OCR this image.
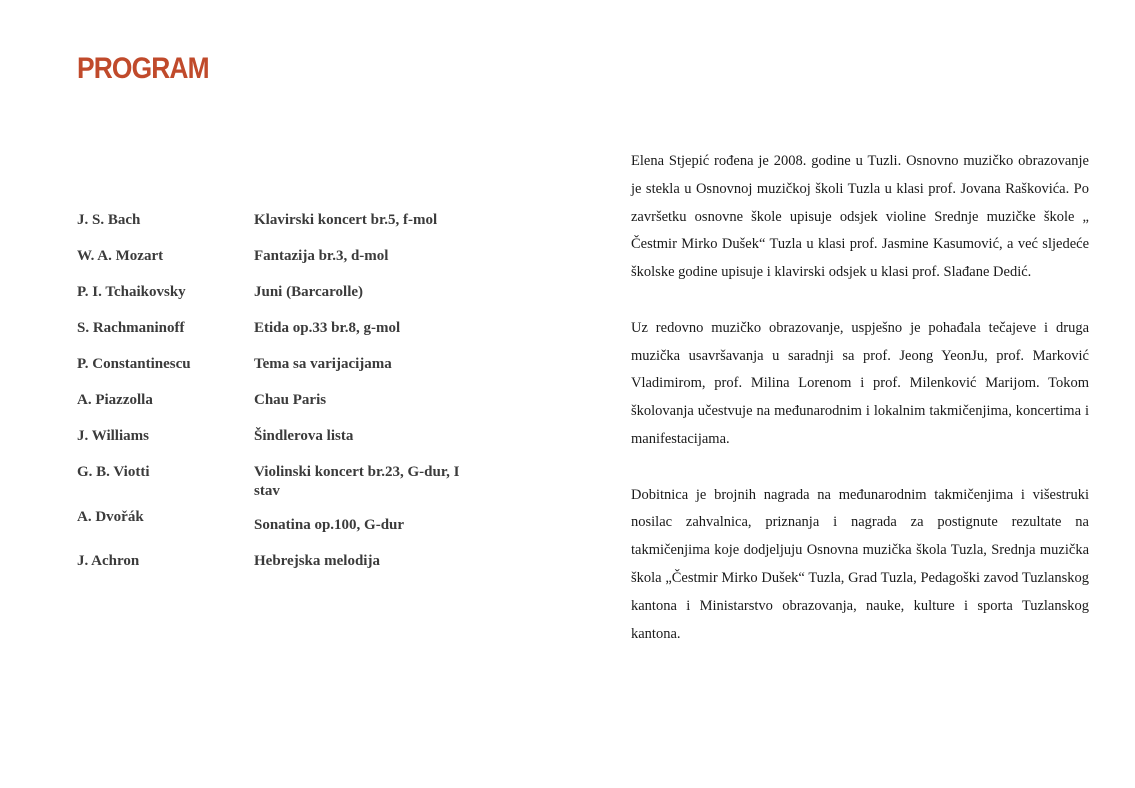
PROGRAM
J. S. Bach	Klavirski koncert br.5, f-mol
W. A. Mozart	Fantazija br.3, d-mol
P. I. Tchaikovsky	Juni (Barcarolle)
S. Rachmaninoff	Etida op.33 br.8, g-mol
P. Constantinescu	Tema sa varijacijama
A. Piazzolla	Chau Paris
J. Williams	Šindlerova lista
G. B. Viotti	Violinski koncert br.23, G-dur, I stav
A. Dvořák	Sonatina op.100, G-dur
J. Achron	Hebrejska melodija

Elena Stjepić rođena je 2008. godine u Tuzli. Osnovno muzičko obrazovanje je stekla u Osnovnoj muzičkoj školi Tuzla u klasi prof. Jovana Raškovića. Po završetku osnovne škole upisuje odsjek violine Srednje muzičke škole „ Čestmir Mirko Dušek“ Tuzla u klasi prof. Jasmine Kasumović, a već sljedeće školske godine upisuje i klavirski odsjek u klasi prof. Slađane Dedić.

Uz redovno muzičko obrazovanje, uspješno je pohađala tečajeve i druga muzička usavršavanja u saradnji sa prof. Jeong YeonJu, prof. Marković Vladimirom, prof. Milina Lorenom i prof. Milenković Marijom. Tokom školovanja učestvuje na međunarodnim i lokalnim takmičenjima, koncertima i manifestacijama.

Dobitnica je brojnih nagrada na međunarodnim takmičenjima i višestruki nosilac zahvalnica, priznanja i nagrada za postignute rezultate na takmičenjima koje dodjeljuju Osnovna muzička škola Tuzla, Srednja muzička škola „Čestmir Mirko Dušek“ Tuzla, Grad Tuzla, Pedagoški zavod Tuzlanskog kantona i Ministarstvo obrazovanja, nauke, kulture i sporta Tuzlanskog kantona.
